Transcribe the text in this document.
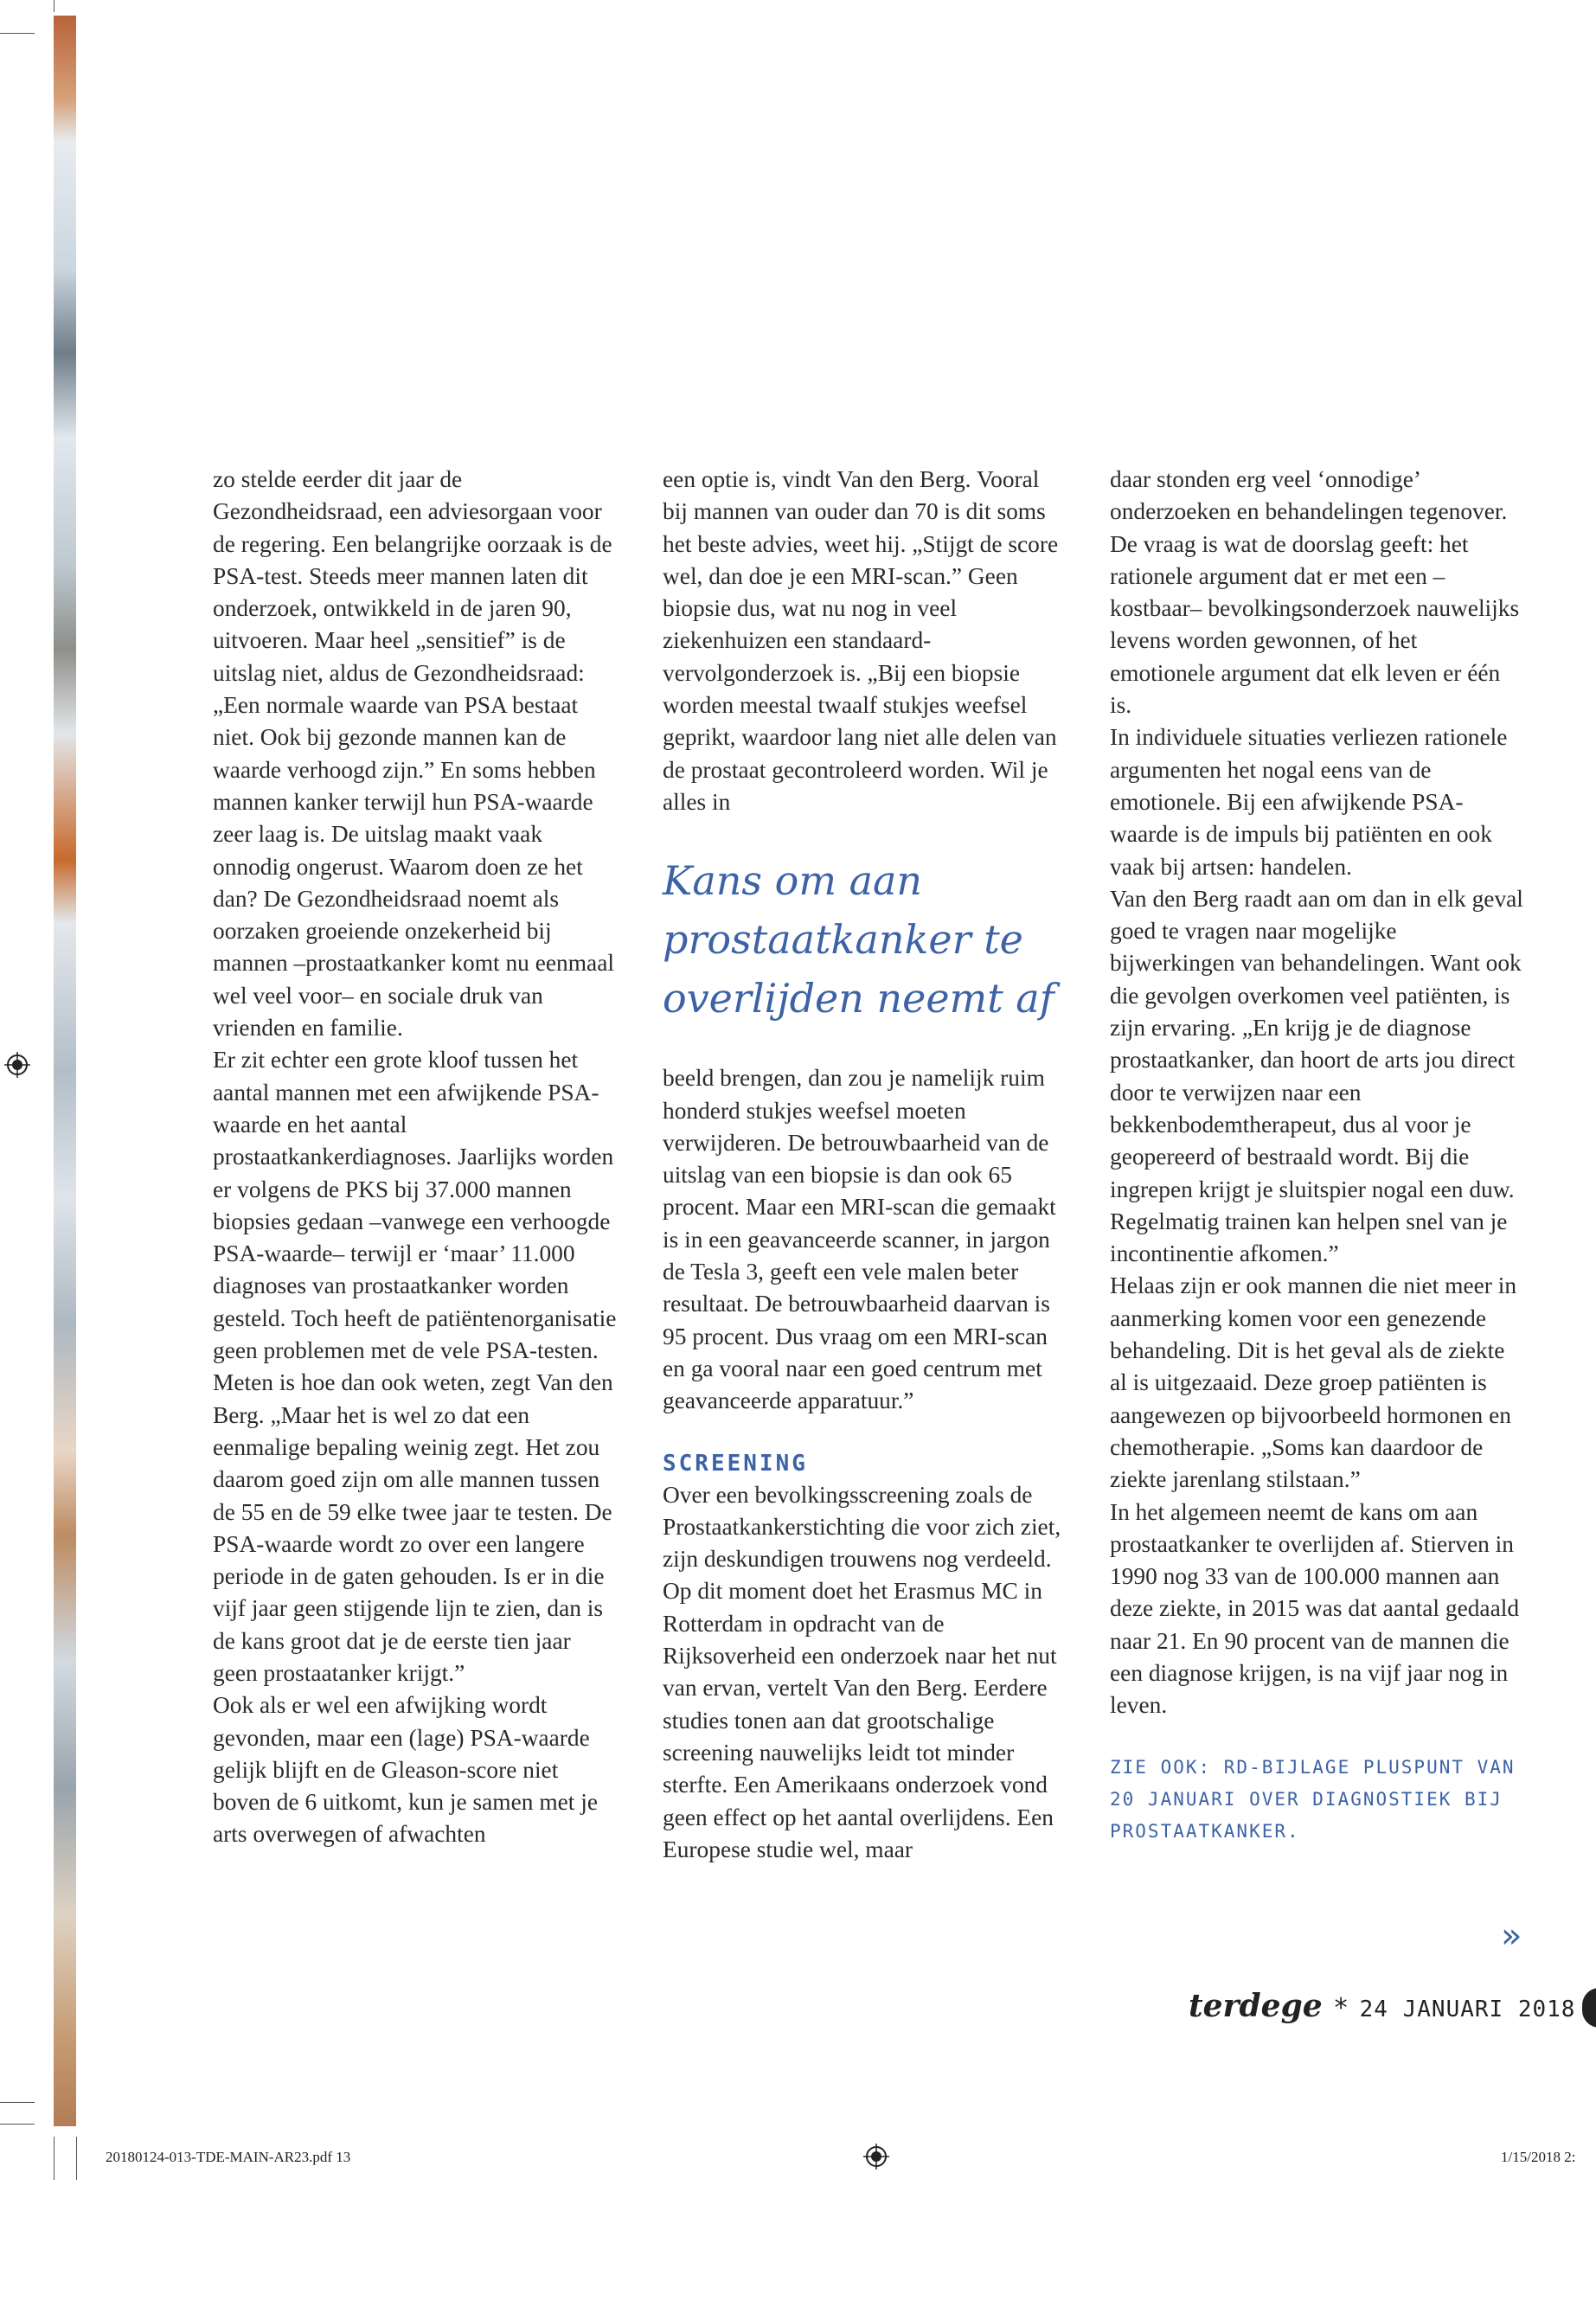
zo stelde eerder dit jaar de Gezondheidsraad, een adviesorgaan voor de regering. Een belangrijke oorzaak is de PSA-test. Steeds meer mannen laten dit onderzoek, ontwikkeld in de jaren 90, uitvoeren. Maar heel „sensitief” is de uitslag niet, aldus de Gezondheidsraad: „Een normale waarde van PSA bestaat niet. Ook bij gezonde mannen kan de waarde verhoogd zijn.” En soms hebben mannen kanker terwijl hun PSA-waarde zeer laag is. De uitslag maakt vaak onnodig ongerust. Waarom doen ze het dan? De Gezondheidsraad noemt als oorzaken groeiende onzekerheid bij mannen –prostaatkanker komt nu eenmaal wel veel voor– en sociale druk van vrienden en familie.

Er zit echter een grote kloof tussen het aantal mannen met een afwijkende PSA-waarde en het aantal prostaatkankerdiagnoses. Jaarlijks worden er volgens de PKS bij 37.000 mannen biopsies gedaan –vanwege een verhoogde PSA-waarde– terwijl er ‘maar’ 11.000 diagnoses van prostaatkanker worden gesteld. Toch heeft de patiëntenorganisatie geen problemen met de vele PSA-testen. Meten is hoe dan ook weten, zegt Van den Berg. „Maar het is wel zo dat een eenmalige bepaling weinig zegt. Het zou daarom goed zijn om alle mannen tussen de 55 en de 59 elke twee jaar te testen. De PSA-waarde wordt zo over een langere periode in de gaten gehouden. Is er in die vijf jaar geen stijgende lijn te zien, dan is de kans groot dat je de eerste tien jaar geen prostaatanker krijgt.”

Ook als er wel een afwijking wordt gevonden, maar een (lage) PSA-waarde gelijk blijft en de Gleason-score niet boven de 6 uitkomt, kun je samen met je arts overwegen of afwachten

een optie is, vindt Van den Berg. Vooral bij mannen van ouder dan 70 is dit soms het beste advies, weet hij. „Stijgt de score wel, dan doe je een MRI-scan.” Geen biopsie dus, wat nu nog in veel ziekenhuizen een standaard-vervolgonderzoek is. „Bij een biopsie worden meestal twaalf stukjes weefsel geprikt, waardoor lang niet alle delen van de prostaat gecontroleerd worden. Wil je alles in

Kans om aan prostaatkanker te overlijden neemt af

beeld brengen, dan zou je namelijk ruim honderd stukjes weefsel moeten verwijderen. De betrouwbaarheid van de uitslag van een biopsie is dan ook 65 procent. Maar een MRI-scan die gemaakt is in een geavanceerde scanner, in jargon de Tesla 3, geeft een vele malen beter resultaat. De betrouwbaarheid daarvan is 95 procent. Dus vraag om een MRI-scan en ga vooral naar een goed centrum met geavanceerde apparatuur.”

SCREENING

Over een bevolkingsscreening zoals de Prostaatkankerstichting die voor zich ziet, zijn deskundigen trouwens nog verdeeld. Op dit moment doet het Erasmus MC in Rotterdam in opdracht van de Rijksoverheid een onderzoek naar het nut van ervan, vertelt Van den Berg. Eerdere studies tonen aan dat grootschalige screening nauwelijks leidt tot minder sterfte. Een Amerikaans onderzoek vond geen effect op het aantal overlijdens. Een Europese studie wel, maar

daar stonden erg veel ‘onnodige’ onderzoeken en behandelingen tegenover. De vraag is wat de doorslag geeft: het rationele argument dat er met een –kostbaar– bevolkingsonderzoek nauwelijks levens worden gewonnen, of het emotionele argument dat elk leven er één is.

In individuele situaties verliezen rationele argumenten het nogal eens van de emotionele. Bij een afwijkende PSA-waarde is de impuls bij patiënten en ook vaak bij artsen: handelen.

Van den Berg raadt aan om dan in elk geval goed te vragen naar mogelijke bijwerkingen van behandelingen. Want ook die gevolgen overkomen veel patiënten, is zijn ervaring. „En krijg je de diagnose prostaatkanker, dan hoort de arts jou direct door te verwijzen naar een bekkenbodemtherapeut, dus al voor je geopereerd of bestraald wordt. Bij die ingrepen krijgt je sluitspier nogal een duw. Regelmatig trainen kan helpen snel van je incontinentie afkomen.”

Helaas zijn er ook mannen die niet meer in aanmerking komen voor een genezende behandeling. Dit is het geval als de ziekte al is uitgezaaid. Deze groep patiënten is aangewezen op bijvoorbeeld hormonen en chemotherapie. „Soms kan daardoor de ziekte jarenlang stilstaan.”

In het algemeen neemt de kans om aan prostaatkanker te overlijden af. Stierven in 1990 nog 33 van de 100.000 mannen aan deze ziekte, in 2015 was dat aantal gedaald naar 21. En 90 procent van de mannen die een diagnose krijgen, is na vijf jaar nog in leven.

ZIE OOK: RD-BIJLAGE PLUSPUNT VAN 20 JANUARI OVER DIAGNOSTIEK BIJ PROSTAATKANKER.
»
terdege * 24 JANUARI 2018
20180124-013-TDE-MAIN-AR23.pdf 13	1/15/2018 2:
